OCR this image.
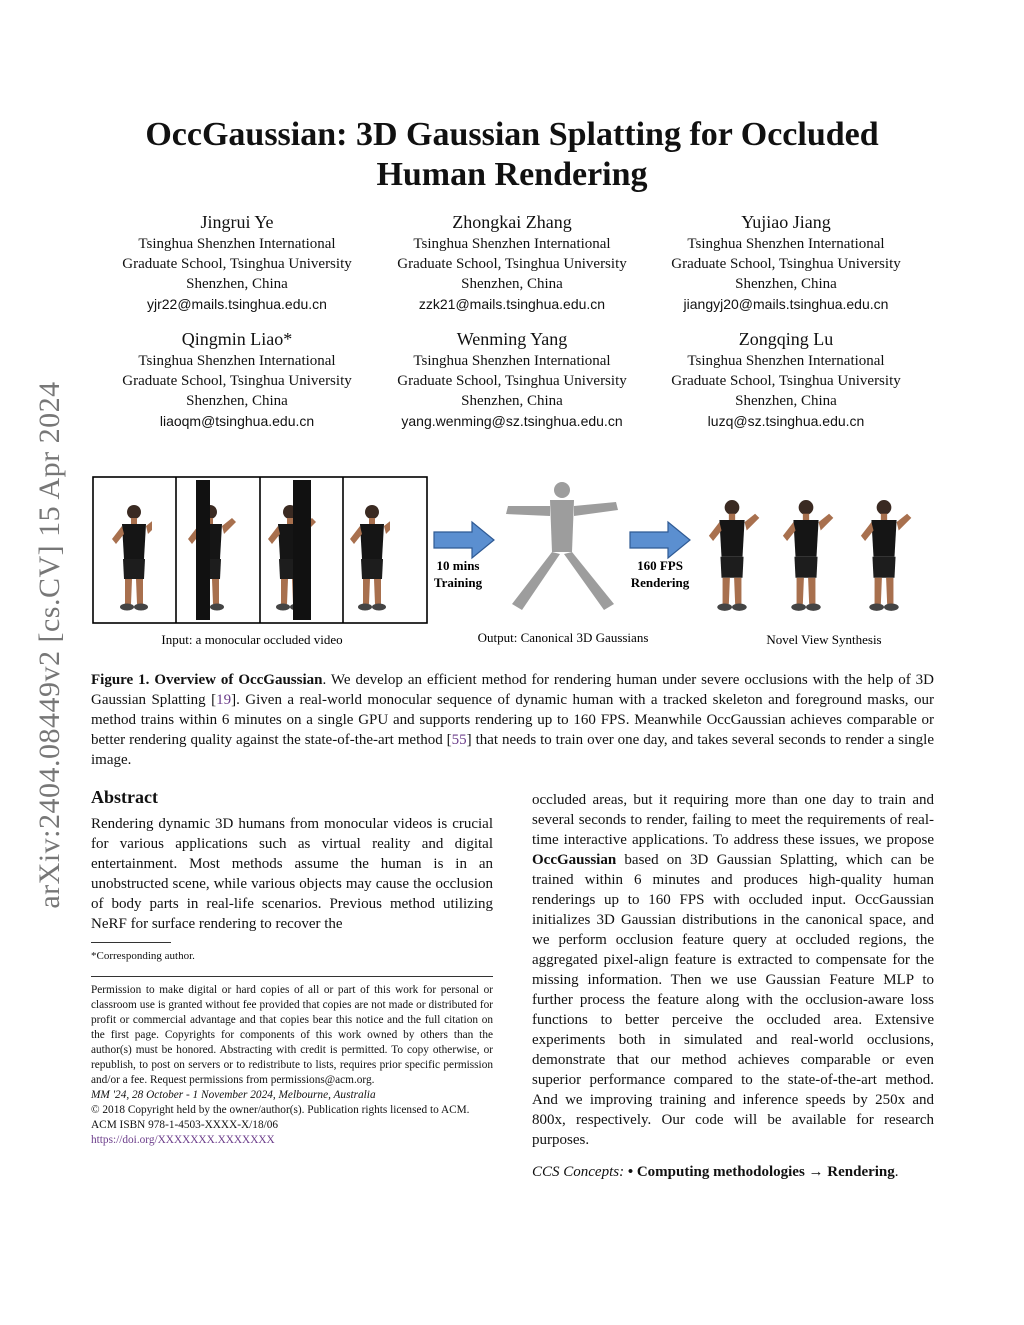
arXiv:2404.08449v2 [cs.CV] 15 Apr 2024
OccGaussian: 3D Gaussian Splatting for Occluded
Human Rendering
Jingrui Ye
Tsinghua Shenzhen International
Graduate School, Tsinghua University
Shenzhen, China
yjr22@mails.tsinghua.edu.cn
Zhongkai Zhang
Tsinghua Shenzhen International
Graduate School, Tsinghua University
Shenzhen, China
zzk21@mails.tsinghua.edu.cn
Yujiao Jiang
Tsinghua Shenzhen International
Graduate School, Tsinghua University
Shenzhen, China
jiangyj20@mails.tsinghua.edu.cn
Qingmin Liao*
Tsinghua Shenzhen International
Graduate School, Tsinghua University
Shenzhen, China
liaoqm@tsinghua.edu.cn
Wenming Yang
Tsinghua Shenzhen International
Graduate School, Tsinghua University
Shenzhen, China
yang.wenming@sz.tsinghua.edu.cn
Zongqing Lu
Tsinghua Shenzhen International
Graduate School, Tsinghua University
Shenzhen, China
luzq@sz.tsinghua.edu.cn
10 mins
Training
160 FPS
Rendering
Input: a monocular occluded video	Output: Canonical 3D Gaussians	Novel View Synthesis
Figure 1. Overview of OccGaussian. We develop an efficient method for rendering human under severe occlusions with the help of 3D Gaussian Splatting [19]. Given a real-world monocular sequence of dynamic human with a tracked skeleton and foreground masks, our method trains within 6 minutes on a single GPU and supports rendering up to 160 FPS. Meanwhile OccGaussian achieves comparable or better rendering quality against the state-of-the-art method [55] that needs to train over one day, and takes several seconds to render a single image.
Abstract
Rendering dynamic 3D humans from monocular videos is crucial for various applications such as virtual reality and digital entertainment. Most methods assume the human is in an unobstructed scene, while various objects may cause the occlusion of body parts in real-life scenarios. Previous method utilizing NeRF for surface rendering to recover the
*Corresponding author.
Permission to make digital or hard copies of all or part of this work for personal or classroom use is granted without fee provided that copies are not made or distributed for profit or commercial advantage and that copies bear this notice and the full citation on the first page. Copyrights for components of this work owned by others than the author(s) must be honored. Abstracting with credit is permitted. To copy otherwise, or republish, to post on servers or to redistribute to lists, requires prior specific permission and/or a fee. Request permissions from permissions@acm.org.
MM '24, 28 October - 1 November 2024, Melbourne, Australia
© 2018 Copyright held by the owner/author(s). Publication rights licensed to ACM.
ACM ISBN 978-1-4503-XXXX-X/18/06
https://doi.org/XXXXXXX.XXXXXXX
occluded areas, but it requiring more than one day to train and several seconds to render, failing to meet the requirements of real-time interactive applications. To address these issues, we propose OccGaussian based on 3D Gaussian Splatting, which can be trained within 6 minutes and produces high-quality human renderings up to 160 FPS with occluded input. OccGaussian initializes 3D Gaussian distributions in the canonical space, and we perform occlusion feature query at occluded regions, the aggregated pixel-align feature is extracted to compensate for the missing information. Then we use Gaussian Feature MLP to further process the feature along with the occlusion-aware loss functions to better perceive the occluded area. Extensive experiments both in simulated and real-world occlusions, demonstrate that our method achieves comparable or even superior performance compared to the state-of-the-art method. And we improving training and inference speeds by 250x and 800x, respectively. Our code will be available for research purposes.
CCS Concepts: • Computing methodologies → Rendering.
